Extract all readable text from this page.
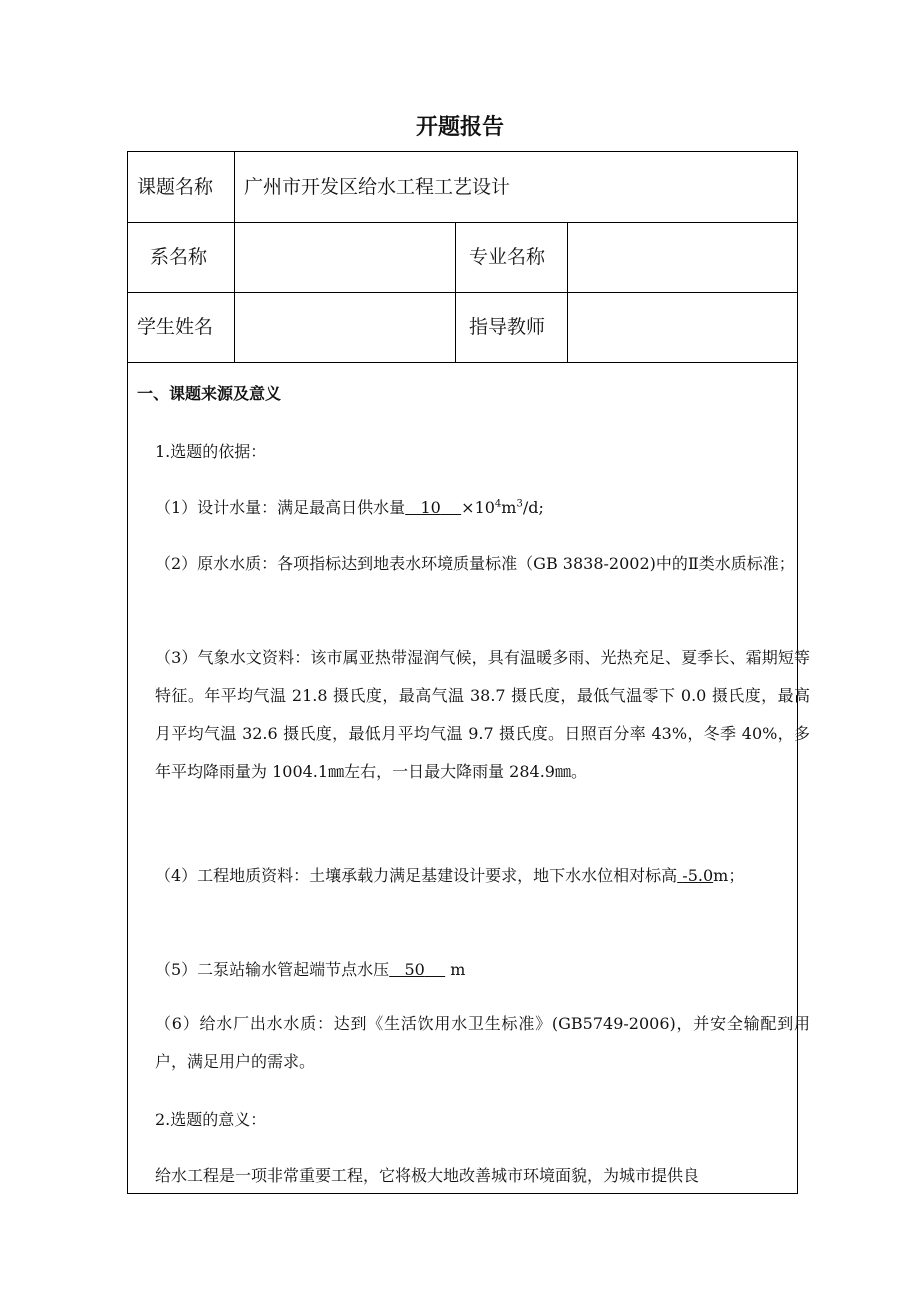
开题报告
课题名称 广州市开发区给水工程工艺设计
系名称	专业名称
学生姓名	指导教师
一、课题来源及意义
1.选题的依据：
（1）设计水量：满足最高日供水量 $10 \times 10^4m^3/d$;
（2）原水水质：各项指标达到地表水环境质量标准（GB 3838-2002)中的Ⅱ类水质标准；
（3）气象水文资料：该市属亚热带湿润气候，具有温暖多雨、光热充足、夏季长、霜期短等特征。年平均气温 21.8 摄氏度，最高气温 38.7 摄氏度，最低气温零下 0.0 摄氏度，最高月平均气温 32.6 摄氏度，最低月平均气温 9.7 摄氏度。日照百分率 43%，冬季 40%，多年平均降雨量为 1004.1㎜左右，一日最大降雨量 284.9㎜。
（4）工程地质资料：土壤承载力满足基建设计要求，地下水水位相对标高 -5.0m；
（5）二泵站输水管起端节点水压 50 m
（6）给水厂出水水质：达到《生活饮用水卫生标准》(GB5749-2006)，并安全输配到用户，满足用户的需求。
2.选题的意义：
给水工程是一项非常重要工程，它将极大地改善城市环境面貌，为城市提供良
